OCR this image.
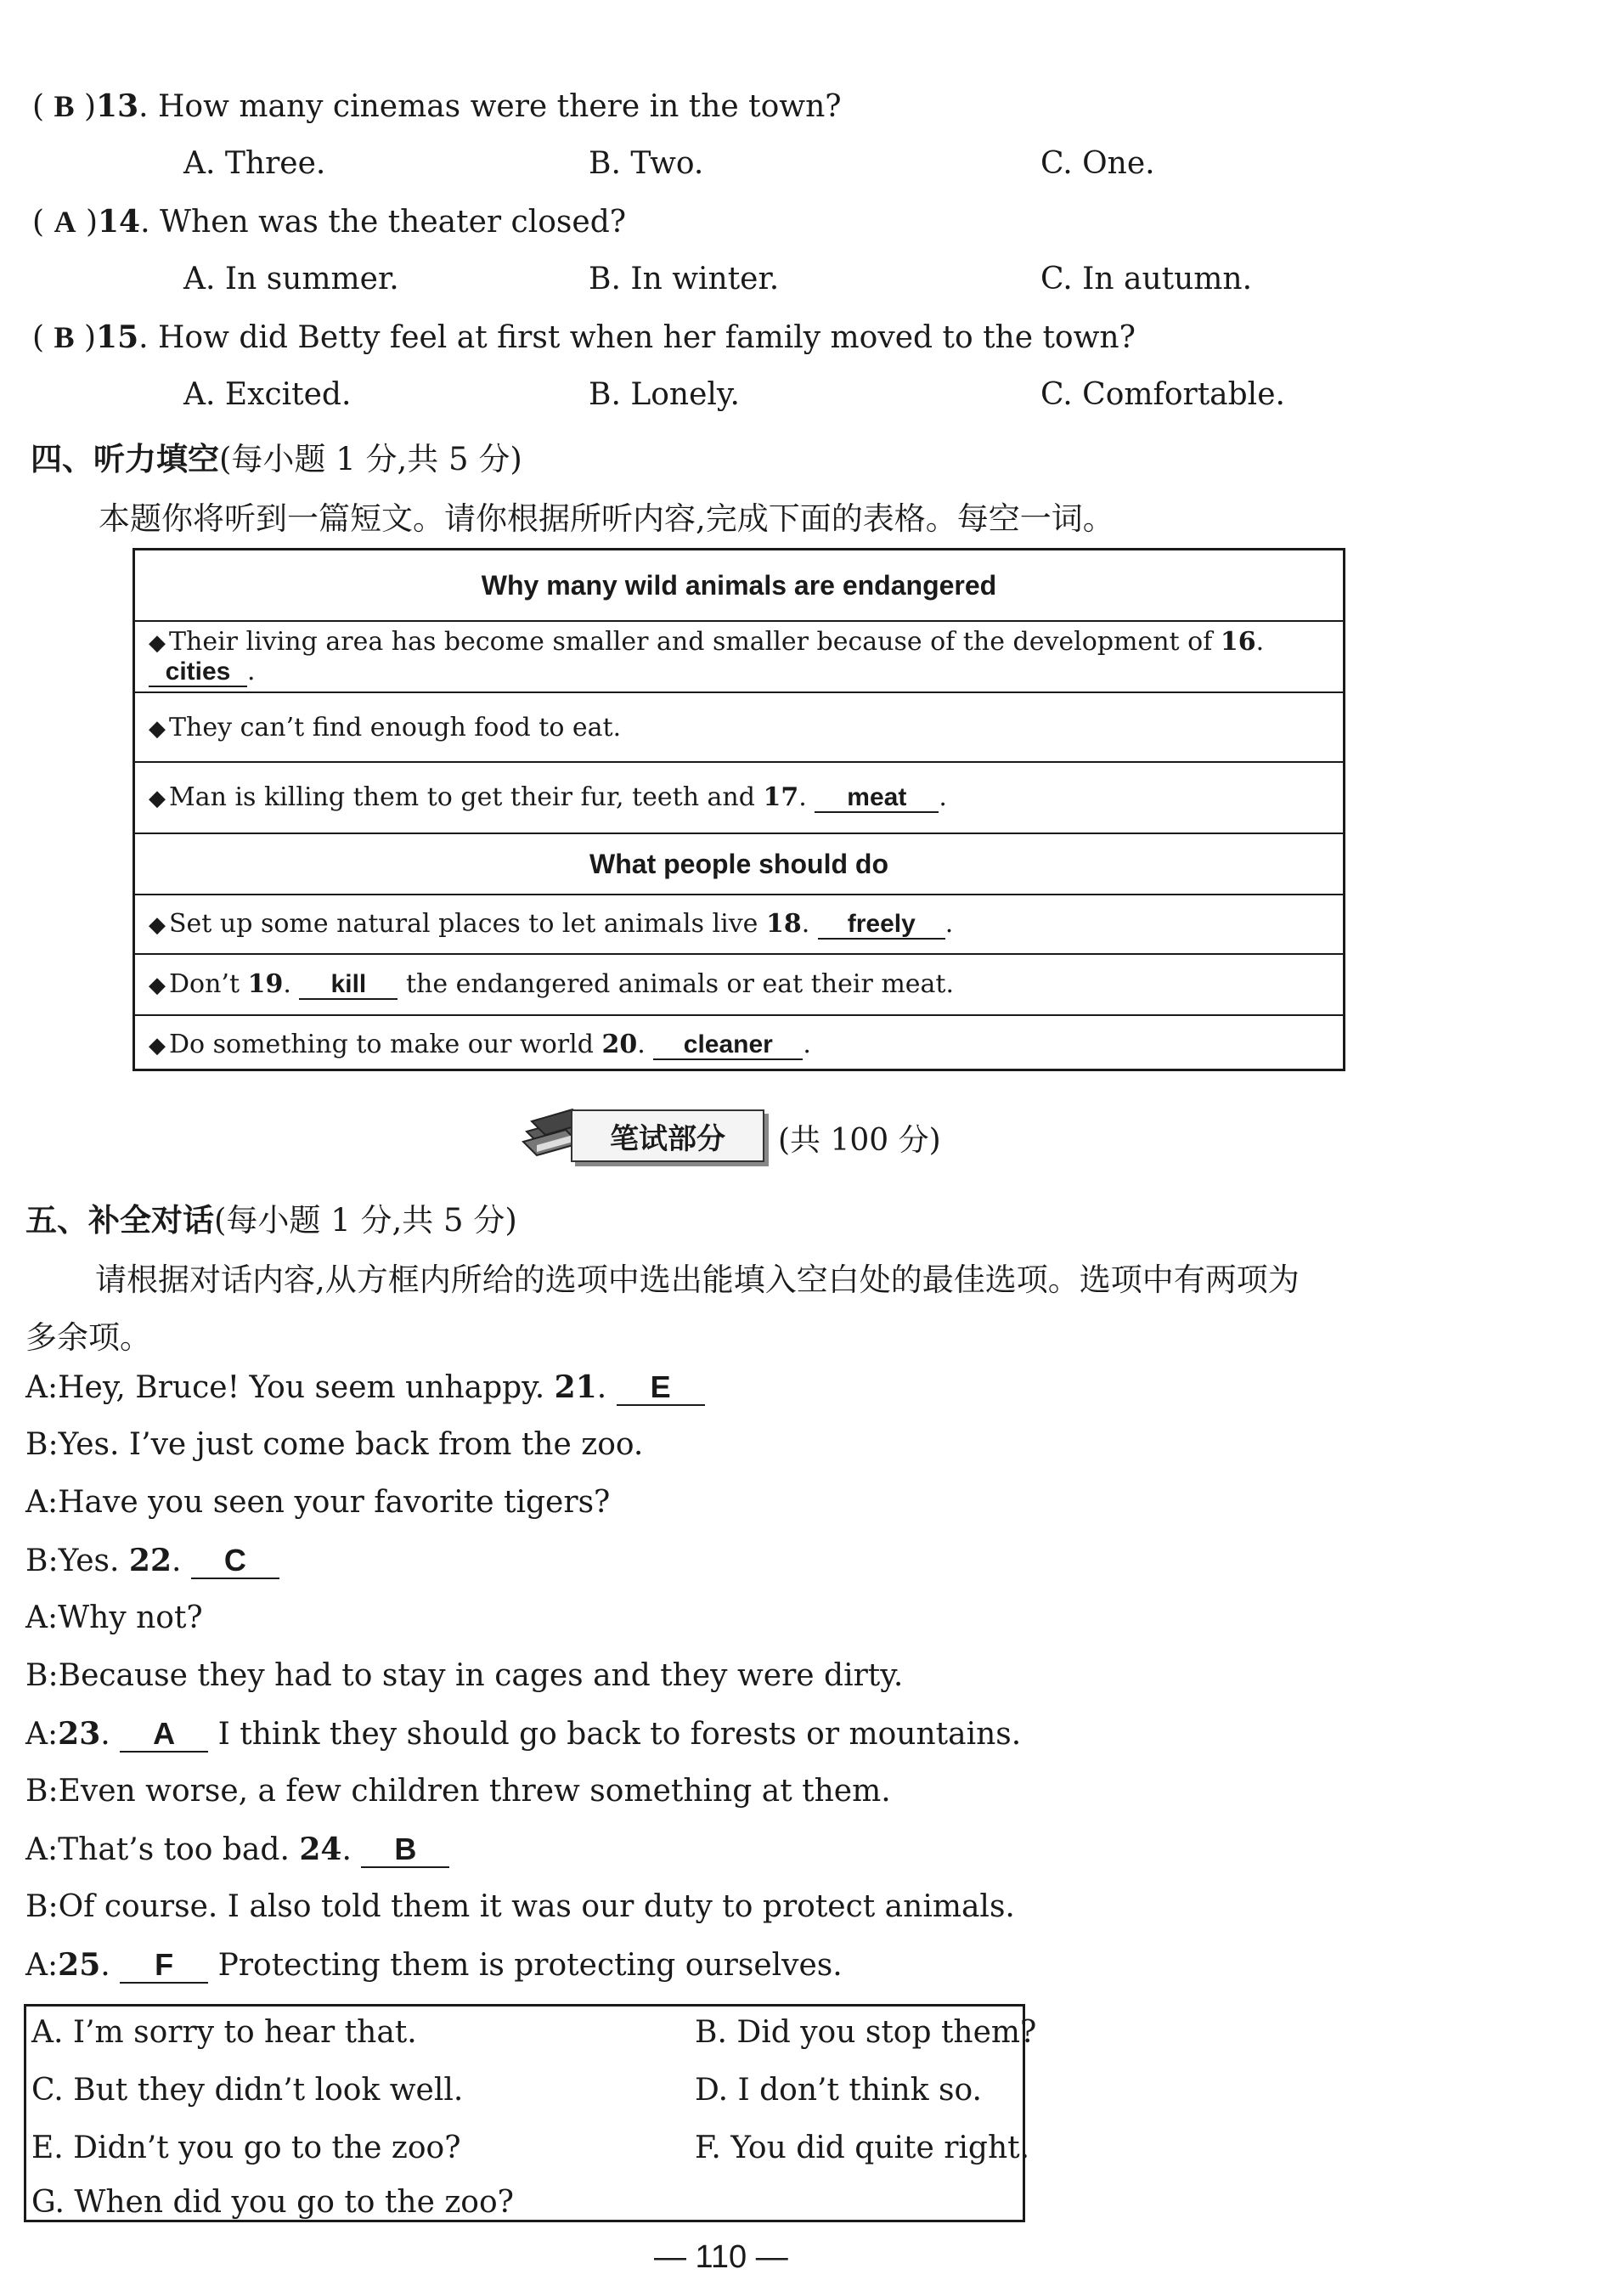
( B )13. How many cinemas were there in the town?
A. Three.	B. Two.	C. One.
( A )14. When was the theater closed?
A. In summer.	B. In winter.	C. In autumn.
( B )15. How did Betty feel at first when her family moved to the town?
A. Excited.	B. Lonely.	C. Comfortable.
四、听力填空(每小题 1 分,共 5 分)
本题你将听到一篇短文。请你根据所听内容,完成下面的表格。每空一词。
Why many wild animals are endangered
◆ Their living area has become smaller and smaller because of the development of 16. cities .
◆ They can’t find enough food to eat.
◆ Man is killing them to get their fur, teeth and 17. meat .
What people should do
◆ Set up some natural places to let animals live 18. freely .
◆ Don’t 19. kill the endangered animals or eat their meat.
◆ Do something to make our world 20. cleaner .
笔试部分	(共 100 分)
五、补全对话(每小题 1 分,共 5 分)
请根据对话内容,从方框内所给的选项中选出能填入空白处的最佳选项。选项中有两项为
多余项。
A:Hey, Bruce! You seem unhappy. 21. E
B:Yes. I’ve just come back from the zoo.
A:Have you seen your favorite tigers?
B:Yes. 22. C
A:Why not?
B:Because they had to stay in cages and they were dirty.
A:23. A I think they should go back to forests or mountains.
B:Even worse, a few children threw something at them.
A:That’s too bad. 24. B
B:Of course. I also told them it was our duty to protect animals.
A:25. F Protecting them is protecting ourselves.
A. I’m sorry to hear that.	B. Did you stop them?
C. But they didn’t look well.	D. I don’t think so.
E. Didn’t you go to the zoo?	F. You did quite right.
G. When did you go to the zoo?
— 110 —
